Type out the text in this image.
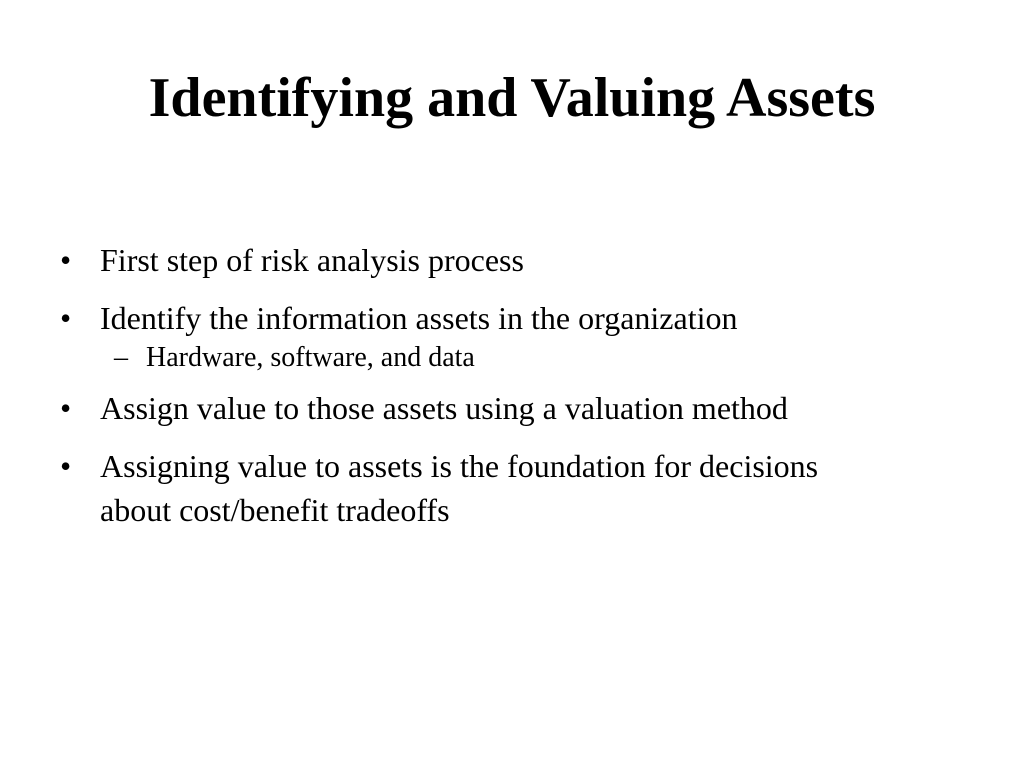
Identifying and Valuing Assets
• First step of risk analysis process
• Identify the information assets in the organization
– Hardware, software, and data
• Assign value to those assets using a valuation method
• Assigning value to assets is the foundation for decisions about cost/benefit tradeoffs
